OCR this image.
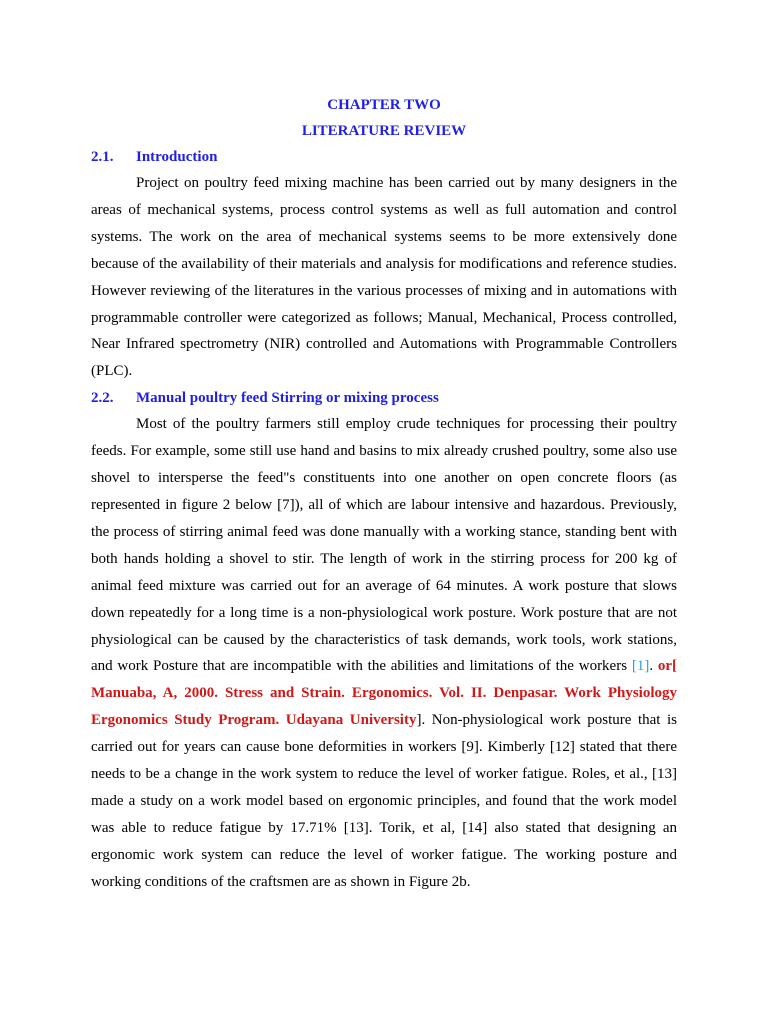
CHAPTER TWO

LITERATURE REVIEW

2.1.	Introduction

Project on poultry feed mixing machine has been carried out by many designers in the areas of mechanical systems, process control systems as well as full automation and control systems. The work on the area of mechanical systems seems to be more extensively done because of the availability of their materials and analysis for modifications and reference studies. However reviewing of the literatures in the various processes of mixing and in automations with programmable controller were categorized as follows; Manual, Mechanical, Process controlled, Near Infrared spectrometry (NIR) controlled and Automations with Programmable Controllers (PLC).

2.2.	Manual poultry feed Stirring or mixing process

Most of the poultry farmers still employ crude techniques for processing their poultry feeds. For example, some still use hand and basins to mix already crushed poultry, some also use shovel to intersperse the feed"s constituents into one another on open concrete floors (as represented in figure 2 below [7]), all of which are labour intensive and hazardous. Previously, the process of stirring animal feed was done manually with a working stance, standing bent with both hands holding a shovel to stir. The length of work in the stirring process for 200 kg of animal feed mixture was carried out for an average of 64 minutes. A work posture that slows down repeatedly for a long time is a non-physiological work posture. Work posture that are not physiological can be caused by the characteristics of task demands, work tools, work stations, and work Posture that are incompatible with the abilities and limitations of the workers [1]. or[ Manuaba, A, 2000. Stress and Strain. Ergonomics. Vol. II. Denpasar. Work Physiology Ergonomics Study Program. Udayana University]. Non-physiological work posture that is carried out for years can cause bone deformities in workers [9]. Kimberly [12] stated that there needs to be a change in the work system to reduce the level of worker fatigue. Roles, et al., [13] made a study on a work model based on ergonomic principles, and found that the work model was able to reduce fatigue by 17.71% [13]. Torik, et al, [14] also stated that designing an ergonomic work system can reduce the level of worker fatigue. The working posture and working conditions of the craftsmen are as shown in Figure 2b.
